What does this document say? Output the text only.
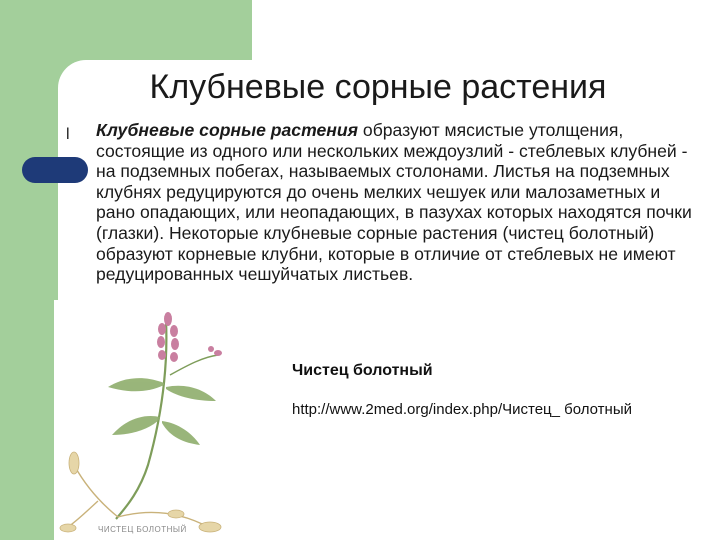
Клубневые сорные растения
l Клубневые сорные растения образуют мясистые утолщения, состоящие из одного или нескольких междоузлий - стеблевых клубней - на подземных побегах, называемых столонами. Листья на подземных клубнях редуцируются до очень мелких чешуек или малозаметных и рано опадающих, или неопадающих, в пазухах которых находятся почки (глазки). Некоторые клубневые сорные растения (чистец болотный) образуют корневые клубни, которые в отличие от стеблевых не имеют редуцированных чешуйчатых листьев.

ЧИСТЕЦ БОЛОТНЫЙ
Чистец болотный
http://www.2med.org/index.php/Чистец_ болотный
